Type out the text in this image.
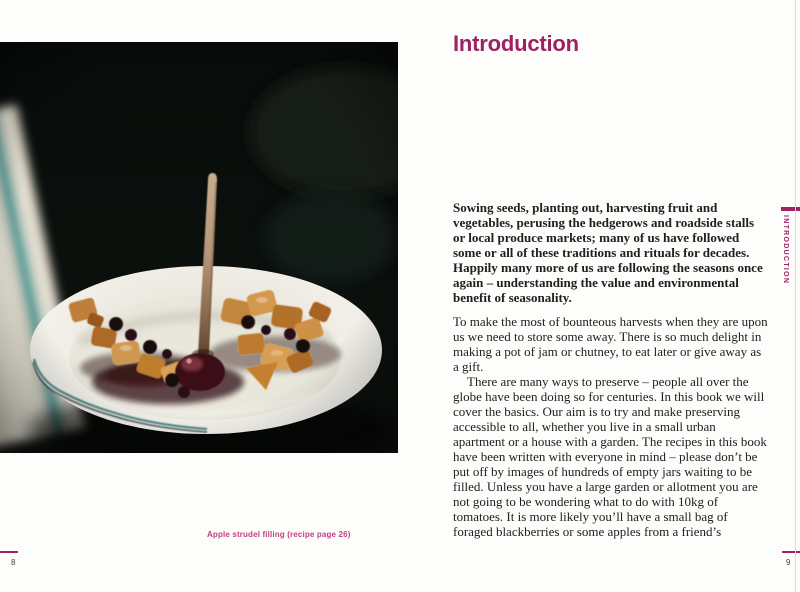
Apple strudel filling (recipe page 26)
8
Introduction

Sowing seeds, planting out, harvesting fruit and vegetables, perusing the hedgerows and roadside stalls or local produce markets; many of us have followed some or all of these traditions and rituals for decades. Happily many more of us are following the seasons once again – understanding the value and environmental benefit of seasonality.

To make the most of bounteous harvests when they are upon us we need to store some away. There is so much delight in making a pot of jam or chutney, to eat later or give away as a gift.

There are many ways to preserve – people all over the globe have been doing so for centuries. In this book we will cover the basics. Our aim is to try and make preserving accessible to all, whether you live in a small urban apartment or a house with a garden. The recipes in this book have been written with everyone in mind – please don’t be put off by images of hundreds of empty jars waiting to be filled. Unless you have a large garden or allotment you are not going to be wondering what to do with 10kg of tomatoes. It is more likely you’ll have a small bag of foraged blackberries or some apples from a friend’s

INTRODUCTION
9
